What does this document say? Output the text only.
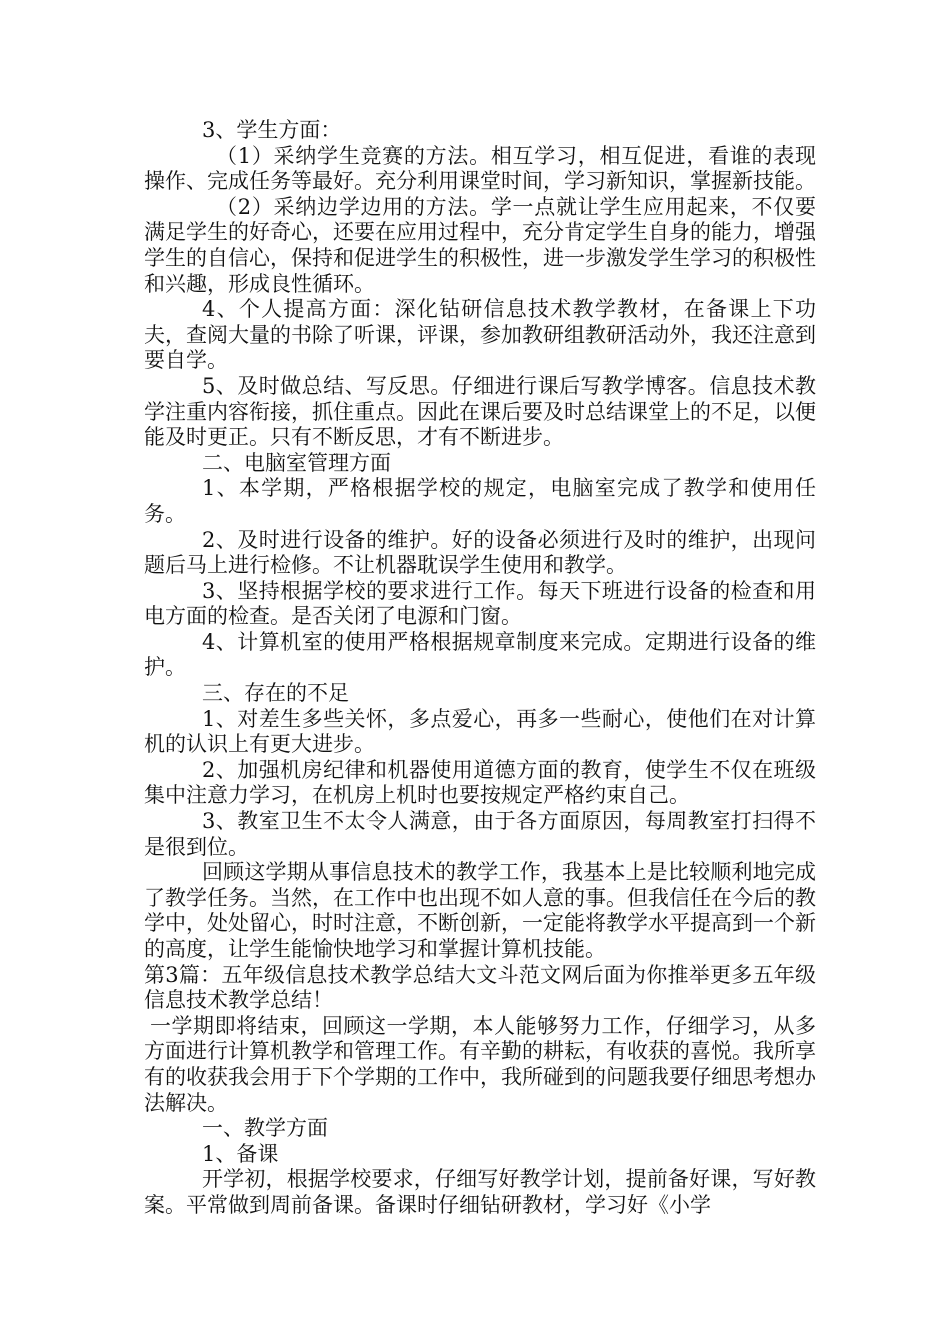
3、学生方面：

（1）采纳学生竞赛的方法。相互学习，相互促进，看谁的表现操作、完成任务等最好。充分利用课堂时间，学习新知识，掌握新技能。

（2）采纳边学边用的方法。学一点就让学生应用起来，不仅要满足学生的好奇心，还要在应用过程中，充分肯定学生自身的能力，增强学生的自信心，保持和促进学生的积极性，进一步激发学生学习的积极性和兴趣，形成良性循环。

4、个人提高方面：深化钻研信息技术教学教材，在备课上下功夫，查阅大量的书除了听课，评课，参加教研组教研活动外，我还注意到要自学。

5、及时做总结、写反思。仔细进行课后写教学博客。信息技术教学注重内容衔接，抓住重点。因此在课后要及时总结课堂上的不足，以便能及时更正。只有不断反思，才有不断进步。

二、电脑室管理方面

1、本学期，严格根据学校的规定，电脑室完成了教学和使用任务。

2、及时进行设备的维护。好的设备必须进行及时的维护，出现问题后马上进行检修。不让机器耽误学生使用和教学。

3、坚持根据学校的要求进行工作。每天下班进行设备的检查和用电方面的检查。是否关闭了电源和门窗。

4、计算机室的使用严格根据规章制度来完成。定期进行设备的维护。

三、存在的不足

1、对差生多些关怀，多点爱心，再多一些耐心，使他们在对计算机的认识上有更大进步。

2、加强机房纪律和机器使用道德方面的教育，使学生不仅在班级集中注意力学习，在机房上机时也要按规定严格约束自己。

3、教室卫生不太令人满意，由于各方面原因，每周教室打扫得不是很到位。

回顾这学期从事信息技术的教学工作，我基本上是比较顺利地完成了教学任务。当然，在工作中也出现不如人意的事。但我信任在今后的教学中，处处留心，时时注意，不断创新，一定能将教学水平提高到一个新的高度，让学生能愉快地学习和掌握计算机技能。

第3篇：五年级信息技术教学总结大文斗范文网后面为你推举更多五年级信息技术教学总结！

一学期即将结束，回顾这一学期，本人能够努力工作，仔细学习，从多方面进行计算机教学和管理工作。有辛勤的耕耘，有收获的喜悦。我所享有的收获我会用于下个学期的工作中，我所碰到的问题我要仔细思考想办法解决。

一、教学方面

1、备课

开学初，根据学校要求，仔细写好教学计划，提前备好课，写好教案。平常做到周前备课。备课时仔细钻研教材，学习好《小学
